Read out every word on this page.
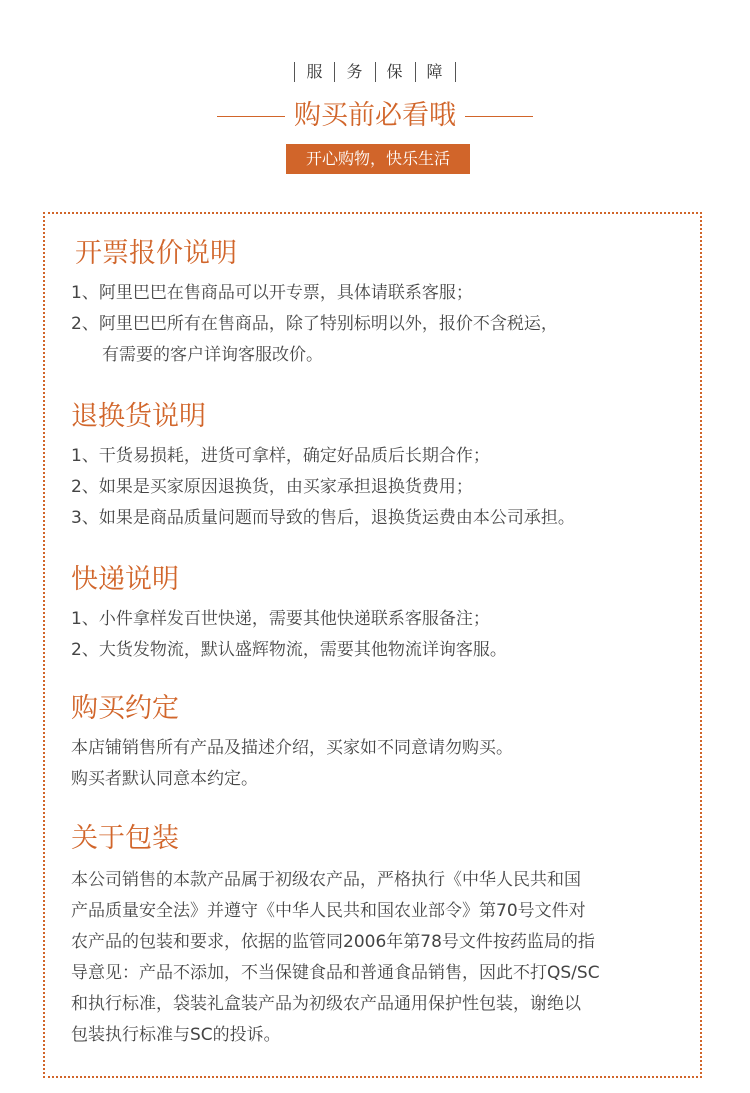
服	务	保	障
购买前必看哦
开心购物，快乐生活
开票报价说明
1、阿里巴巴在售商品可以开专票，具体请联系客服；
2、阿里巴巴所有在售商品，除了特别标明以外，报价不含税运，
有需要的客户详询客服改价。
退换货说明
1、干货易损耗，进货可拿样，确定好品质后长期合作；
2、如果是买家原因退换货，由买家承担退换货费用；
3、如果是商品质量问题而导致的售后，退换货运费由本公司承担。
快递说明
1、小件拿样发百世快递，需要其他快递联系客服备注；
2、大货发物流，默认盛辉物流，需要其他物流详询客服。
购买约定
本店铺销售所有产品及描述介绍，买家如不同意请勿购买。
购买者默认同意本约定。
关于包装
本公司销售的本款产品属于初级农产品，严格执行《中华人民共和国
产品质量安全法》并遵守《中华人民共和国农业部令》第70号文件对
农产品的包装和要求，依据的监管同2006年第78号文件按药监局的指
导意见：产品不添加，不当保键食品和普通食品销售，因此不打QS/SC
和执行标准，袋装礼盒装产品为初级农产品通用保护性包装，谢绝以
包装执行标准与SC的投诉。
